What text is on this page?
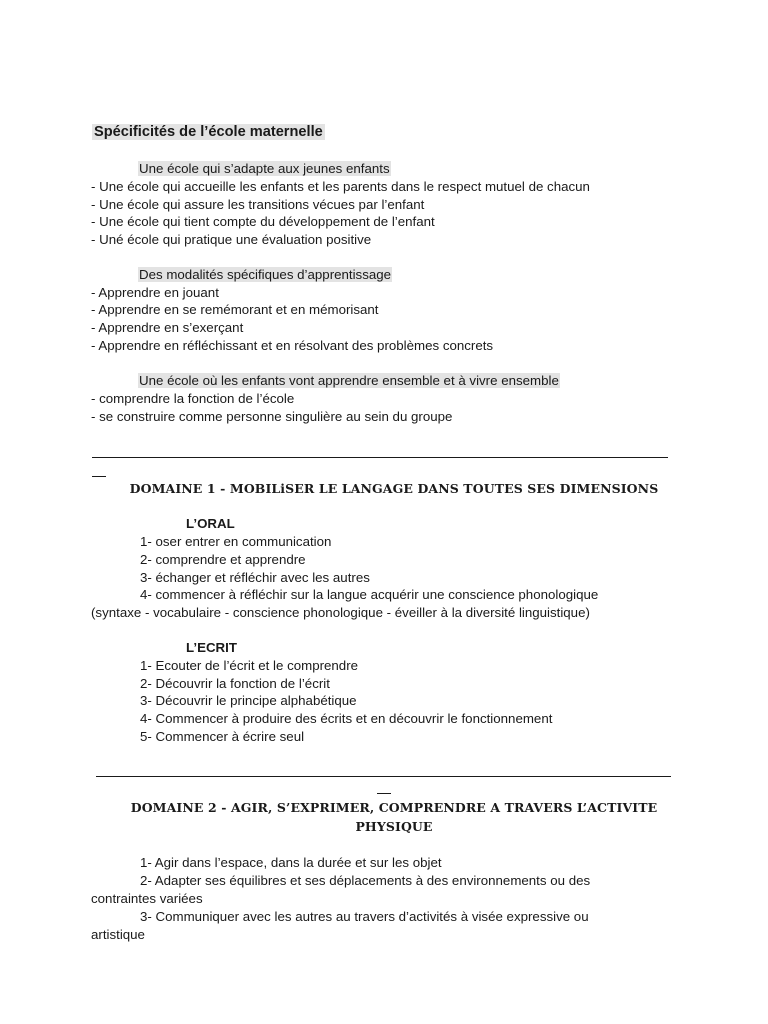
Spécificités de l’école maternelle
Une école qui s’adapte aux jeunes enfants
- Une école qui accueille les enfants et les parents dans le respect mutuel de chacun
- Une école qui assure les transitions vécues par l’enfant
- Une école qui tient compte du développement de l’enfant
- Uné école qui pratique une évaluation positive
Des modalités spécifiques d’apprentissage
- Apprendre en jouant
- Apprendre en se remémorant et en mémorisant
- Apprendre en s’exerçant
- Apprendre en réfléchissant et en résolvant des problèmes concrets
Une école où les enfants vont apprendre ensemble et à vivre ensemble
- comprendre la fonction de l’école
- se construire comme personne singulière au sein du groupe
DOMAINE 1 - MOBILiSER LE LANGAGE DANS TOUTES SES DIMENSIONS
L’ORAL
1- oser entrer en communication
2- comprendre et apprendre
3- échanger et réfléchir avec les autres
4- commencer à réfléchir sur la langue acquérir une conscience phonologique
(syntaxe - vocabulaire - conscience phonologique - éveiller à la diversité linguistique)
L’ECRIT
1- Ecouter de l’écrit et le comprendre
2- Découvrir la fonction de l’écrit
3- Découvrir le principe alphabétique
4- Commencer à produire des écrits et en découvrir le fonctionnement
5- Commencer à écrire seul
DOMAINE 2 - AGIR, S’EXPRIMER, COMPRENDRE A TRAVERS L’ACTIVITE
PHYSIQUE
1- Agir dans l’espace, dans la durée et sur les objet
2- Adapter ses équilibres et ses déplacements à des environnements ou des
contraintes variées
3- Communiquer avec les autres au travers d’activités à visée expressive ou
artistique
